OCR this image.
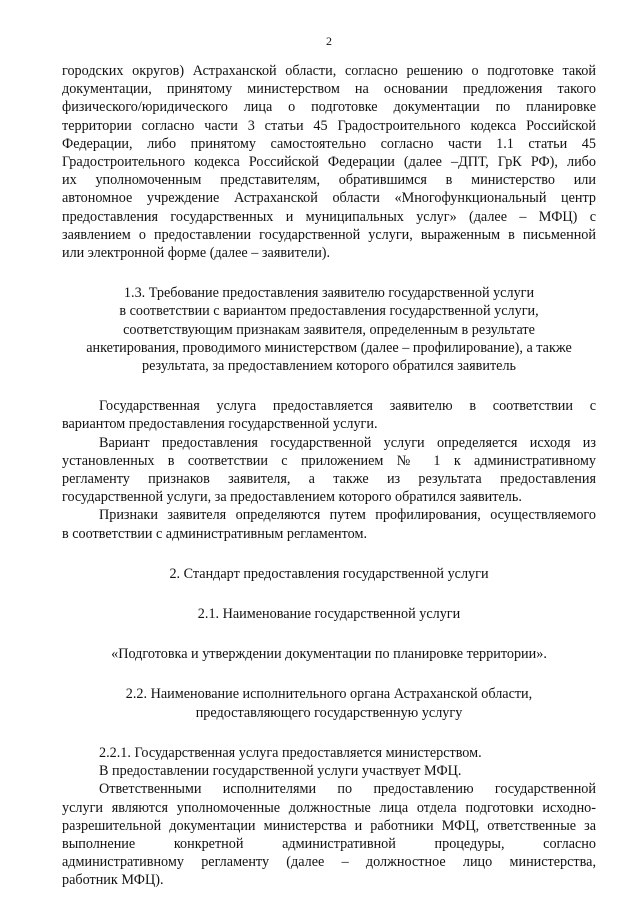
2

городских округов) Астраханской области, согласно решению о подготовке такой

документации, принятому министерством на основании предложения такого

физического/юридического лица о подготовке документации по планировке

территории согласно части 3 статьи 45 Градостроительного кодекса Российской

Федерации, либо принятому самостоятельно согласно части 1.1 статьи 45

Градостроительного кодекса Российской Федерации (далее –ДПТ, ГрК РФ), либо

их уполномоченным представителям, обратившимся в министерство или

автономное учреждение Астраханской области «Многофункциональный центр

предоставления государственных и муниципальных услуг» (далее – МФЦ) с

заявлением о предоставлении государственной услуги, выраженным в письменной

или электронной форме (далее – заявители).

1.3. Требование предоставления заявителю государственной услуги

в соответствии с вариантом предоставления государственной услуги,

соответствующим признакам заявителя, определенным в результате

анкетирования, проводимого министерством (далее – профилирование), а также

результата, за предоставлением которого обратился заявитель

Государственная услуга предоставляется заявителю в соответствии с

вариантом предоставления государственной услуги.

Вариант предоставления государственной услуги определяется исходя из

установленных в соответствии с приложением № 1 к административному

регламенту признаков заявителя, а также из результата предоставления

государственной услуги, за предоставлением которого обратился заявитель.

Признаки заявителя определяются путем профилирования, осуществляемого

в соответствии с административным регламентом.

2. Стандарт предоставления государственной услуги

2.1. Наименование государственной услуги

«Подготовка и утверждении документации по планировке территории».

2.2. Наименование исполнительного органа Астраханской области,

предоставляющего государственную услугу

2.2.1. Государственная услуга предоставляется министерством.

В предоставлении государственной услуги участвует МФЦ.

Ответственными исполнителями по предоставлению государственной

услуги являются уполномоченные должностные лица отдела подготовки исходно-

разрешительной документации министерства и работники МФЦ, ответственные за

выполнение конкретной административной процедуры, согласно

административному регламенту (далее – должностное лицо министерства,

работник МФЦ).
